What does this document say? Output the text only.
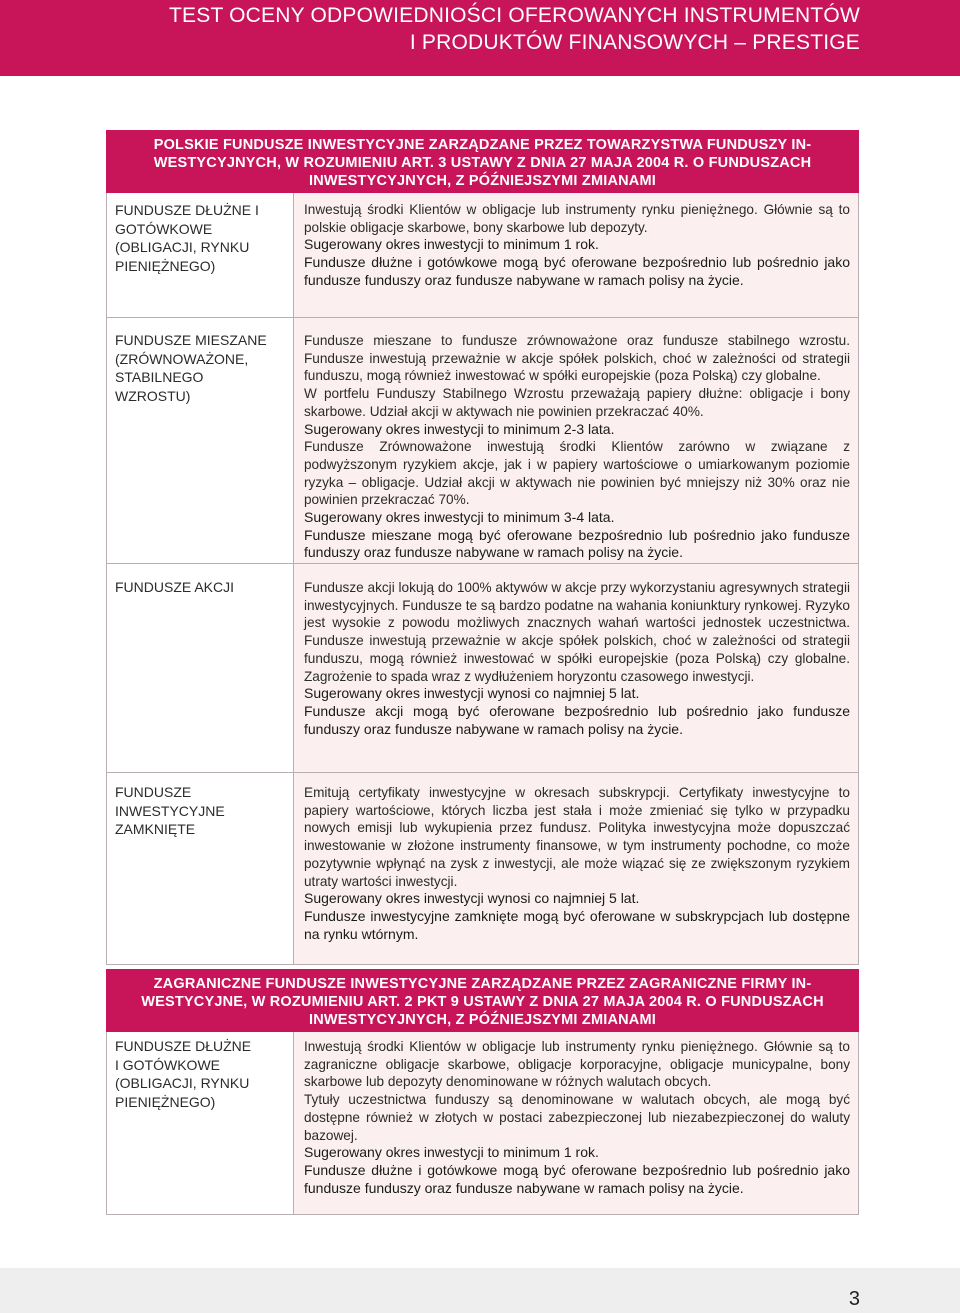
TEST OCENY ODPOWIEDNIOŚCI OFEROWANYCH INSTRUMENTÓW
I PRODUKTÓW FINANSOWYCH – PRESTIGE
POLSKIE FUNDUSZE INWESTYCYJNE ZARZĄDZANE PRZEZ TOWARZYSTWA FUNDUSZY IN-
WESTYCYJNYCH, W ROZUMIENIU ART. 3 USTAWY Z DNIA 27 MAJA 2004 R. O FUNDUSZACH
INWESTYCYJNYCH, Z PÓŹNIEJSZYMI ZMIANAMI
FUNDUSZE DŁUŻNE I
GOTÓWKOWE
(OBLIGACJI, RYNKU
PIENIĘŻNEGO)
Inwestują środki Klientów w obligacje lub instrumenty rynku pieniężnego. Głównie są to polskie obligacje skarbowe, bony skarbowe lub depozyty.
Sugerowany okres inwestycji to minimum 1 rok.
Fundusze dłużne i gotówkowe mogą być oferowane bezpośrednio lub pośrednio jako fundusze funduszy oraz fundusze nabywane w ramach polisy na życie.
FUNDUSZE MIESZANE
(ZRÓWNOWAŻONE,
STABILNEGO
WZROSTU)
Fundusze mieszane to fundusze zrównoważone oraz fundusze stabilnego wzrostu. Fundusze inwestują przeważnie w akcje spółek polskich, choć w zależności od strategii funduszu, mogą również inwestować w spółki europejskie (poza Polską) czy globalne.
W portfelu Funduszy Stabilnego Wzrostu przeważają papiery dłużne: obligacje i bony skarbowe. Udział akcji w aktywach nie powinien przekraczać 40%.
Sugerowany okres inwestycji to minimum 2-3 lata.
Fundusze Zrównoważone inwestują środki Klientów zarówno w związane z podwyższonym ryzykiem akcje, jak i w papiery wartościowe o umiarkowanym poziomie ryzyka – obligacje. Udział akcji w aktywach nie powinien być mniejszy niż 30% oraz nie powinien przekraczać 70%.
Sugerowany okres inwestycji to minimum 3-4 lata.
Fundusze mieszane mogą być oferowane bezpośrednio lub pośrednio jako fundusze funduszy oraz fundusze nabywane w ramach polisy na życie.
FUNDUSZE AKCJI	Fundusze akcji lokują do 100% aktywów w akcje przy wykorzystaniu agresywnych strategii inwestycyjnych. Fundusze te są bardzo podatne na wahania koniunktury rynkowej. Ryzyko jest wysokie z powodu możliwych znacznych wahań wartości jednostek uczestnictwa. Fundusze inwestują przeważnie w akcje spółek polskich, choć w zależności od strategii funduszu, mogą również inwestować w spółki europejskie (poza Polską) czy globalne. Zagrożenie to spada wraz z wydłużeniem horyzontu czasowego inwestycji.
Sugerowany okres inwestycji wynosi co najmniej 5 lat.
Fundusze akcji mogą być oferowane bezpośrednio lub pośrednio jako fundusze funduszy oraz fundusze nabywane w ramach polisy na życie.
FUNDUSZE
INWESTYCYJNE
ZAMKNIĘTE
Emitują certyfikaty inwestycyjne w okresach subskrypcji. Certyfikaty inwestycyjne to papiery wartościowe, których liczba jest stała i może zmieniać się tylko w przypadku nowych emisji lub wykupienia przez fundusz. Polityka inwestycyjna może dopuszczać inwestowanie w złożone instrumenty finansowe, w tym instrumenty pochodne, co może pozytywnie wpłynąć na zysk z inwestycji, ale może wiązać się ze zwiększonym ryzykiem utraty wartości inwestycji.
Sugerowany okres inwestycji wynosi co najmniej 5 lat.
Fundusze inwestycyjne zamknięte mogą być oferowane w subskrypcjach lub dostępne na rynku wtórnym.
ZAGRANICZNE FUNDUSZE INWESTYCYJNE ZARZĄDZANE PRZEZ ZAGRANICZNE FIRMY IN-
WESTYCYJNE, W ROZUMIENIU ART. 2 PKT 9 USTAWY Z DNIA 27 MAJA 2004 R. O FUNDUSZACH
INWESTYCYJNYCH, Z PÓŹNIEJSZYMI ZMIANAMI
FUNDUSZE DŁUŻNE
I GOTÓWKOWE
(OBLIGACJI, RYNKU
PIENIĘŻNEGO)
Inwestują środki Klientów w obligacje lub instrumenty rynku pieniężnego. Głównie są to zagraniczne obligacje skarbowe, obligacje korporacyjne, obligacje municypalne, bony skarbowe lub depozyty denominowane w różnych walutach obcych.
Tytuły uczestnictwa funduszy są denominowane w walutach obcych, ale mogą być dostępne również w złotych w postaci zabezpieczonej lub niezabezpieczonej do waluty bazowej.
Sugerowany okres inwestycji to minimum 1 rok.
Fundusze dłużne i gotówkowe mogą być oferowane bezpośrednio lub pośrednio jako fundusze funduszy oraz fundusze nabywane w ramach polisy na życie.
3
